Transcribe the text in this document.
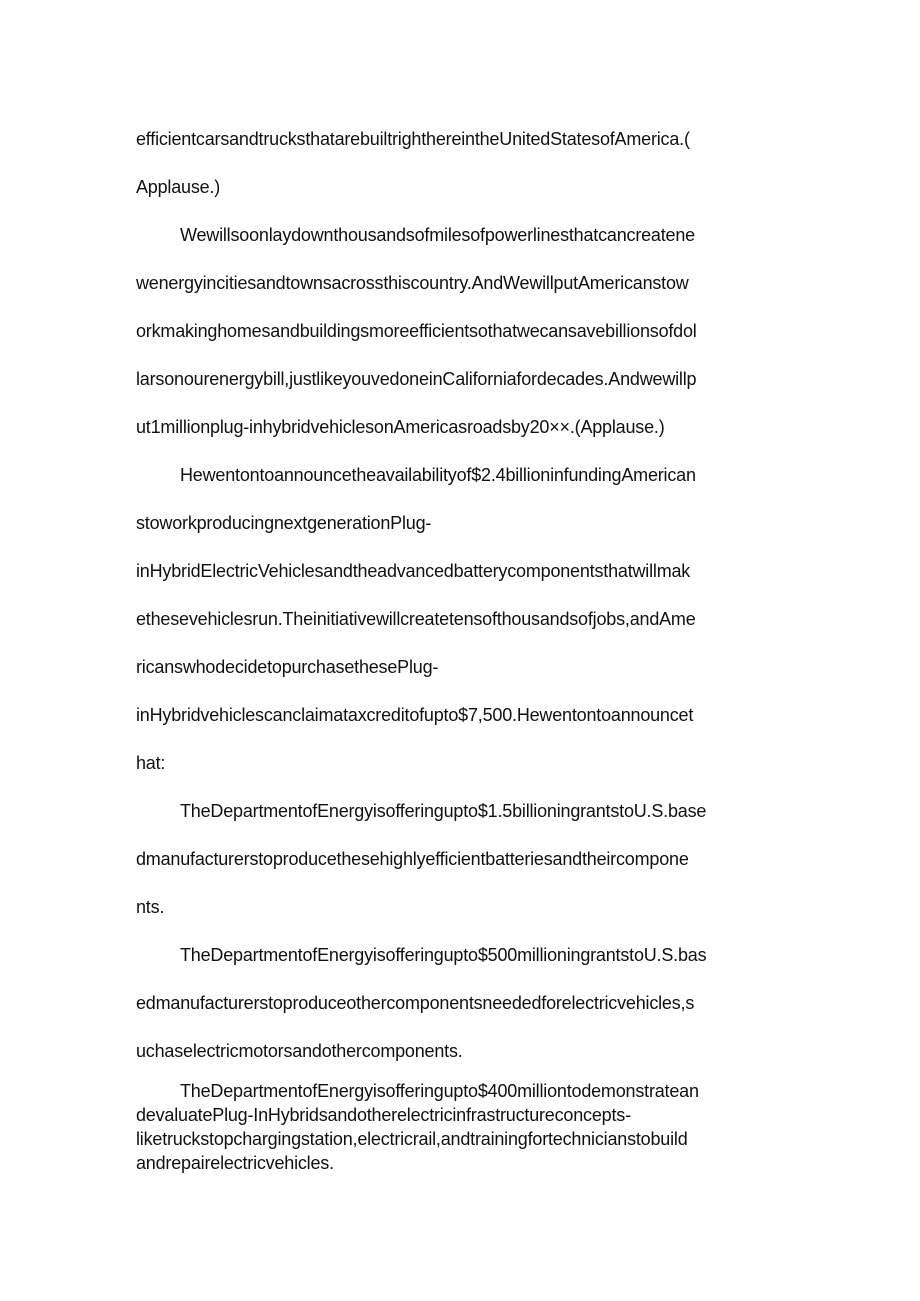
efficientcarsandtrucksthatarebuiltrighthereintheUnitedStatesofAmerica.(
Applause.)
Wewillsoonlaydownthousandsofmilesofpowerlinesthatcancreatene
wenergyincitiesandtownsacrossthiscountry.AndWewillputAmericanstow
orkmakinghomesandbuildingsmoreefficientsothatwecansavebillionsofdol
larsonourenergybill,justlikeyouvedoneinCaliforniafordecades.Andwewillp
ut1millionplug-inhybridvehiclesonAmericasroadsby20××.(Applause.)
Hewentontoannouncetheavailabilityof$2.4billioninfundingAmerican
stoworkproducingnextgenerationPlug-
inHybridElectricVehiclesandtheadvancedbatterycomponentsthatwillmak
ethesevehiclesrun.Theinitiativewillcreatetensofthousandsofjobs,andAme
ricanswhodecidetopurchasethesePlug-
inHybridvehiclescanclaimataxcreditofupto$7,500.Hewentontoannouncet
hat:
TheDepartmentofEnergyisofferingupto$1.5billioningrantstoU.S.base
dmanufacturerstoproducethesehighlyefficientbatteriesandtheircompone
nts.
TheDepartmentofEnergyisofferingupto$500millioningrantstoU.S.bas
edmanufacturerstoproduceothercomponentsneededforelectricvehicles,s
uchaselectricmotorsandothercomponents.
TheDepartmentofEnergyisofferingupto$400milliontodemonstratean
devaluatePlug-InHybridsandotherelectricinfrastructureconcepts-
liketruckstopchargingstation,electricrail,andtrainingfortechnicianstobuild
andrepairelectricvehicles.
